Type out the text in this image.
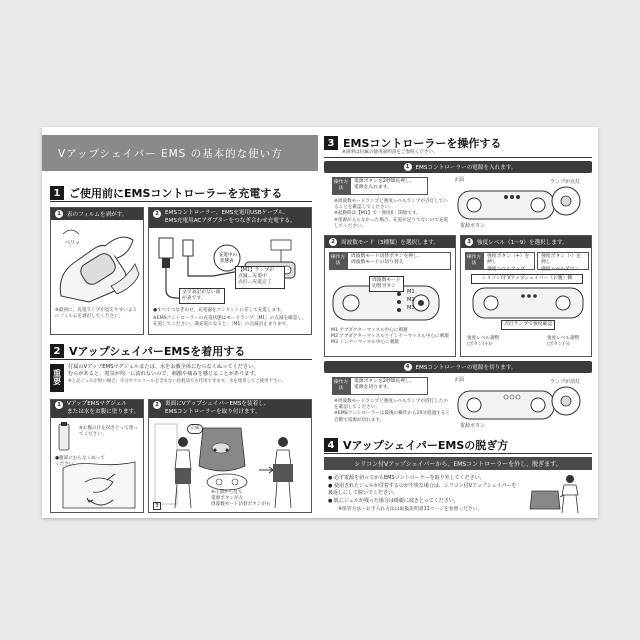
Vアップシェイパー EMS の基本的な使い方
1 ご使用前にEMSコントローラーを充電する
1	表のフィルムを剥がす。
ペリッ
※最初に、充電ランプが見えやすいようにフィルムを剥がしてください。
2	EMSコントローラー、EMS充電用USBケーブル、
EMS充電用ACアダプターをつなぎ合わせ充電する。
充電中の
状態表
【M1】ランプが
点滅…充電中
点灯…充電完了
文字表記がない面
が表です。
●すべてつなぎわせ、充電器をコンセントに差して充電します。
※EMSコントローラーの充電状態はモードランプ［M1］の点滅を確認し、充電してください。満充電になると、［M1］の点滅が止まります。
2 VアップシェイパーEMSを着用する
重
要
付属のVアップEMSマグジェルまたは、水をお腹全体にむらなくぬってください。
むらがあると、電気が均一に流れないので、刺激や痛みを感じることがあります。
※上記ジェルが無い場合、水分やアルコールを含まない化粧品でも代用できます。水を使用してご使用下さい。
1	VアップEMSマグジェル
または水をお腹に塗ります。
※お腹の汗を拭きとって塗ってください。
●腹部にむらなくぬってください。
2	裏面にVアップシェイパーEMSを装着し、
EMSコントローラーを取り付けます。
完成
※正面から見て
電源ボタンが左
周波数モード切替ボタンが右
3
3 EMSコントローラーを操作する
※説明は付属の使用説明書をご参照ください。
1	EMSコントローラーの電源を入れます。
操作方法
電源ボタンを2秒間長押し。
電源を入れます。
※周波数モードランプと強度レベルランプが点灯していることを確認してください。
※起動時は【M1】で「強度0」開始です。
※電源が入らなかった場合、充電が足りてないので充電してください。
正面	ランプが点灯
電源ボタン
2	周波数モード（3種類）を選択します。
操作方法
周波数モード切替ボタンを押し、
周波数モードの切り替え
周波数モード
切替ボタン
M1
M2
M3
M1 アブダクターマッスル中心に刺激
M2 アブダクターマッスルとインナーマッスル中心に刺激
M3 インナーマッスル中心に刺激
3	強度レベル（1～9）を選択します。
操作方法
強度ボタン（+）を押し
強度レベルアップ
強度ボタン（-）を押し
強度レベルダウン
シリコン付 Vアップシェイパー（お腹）側
点灯ランプで強度確認
強度レベル調整
(ボタン(+))
強度レベル調整
(ボタン(-))
4	EMSコントローラーの電源を切ります。
操作方法
電源ボタンを2秒間長押し。
電源を切ります。
※周波数モードランプと強度レベルランプが消灯したのを確認してください。
※EMSコントローラーは最後の操作から10分経過すると自動で電源が切れます。
正面	ランプが消灯
電源ボタン
4 VアップシェイパーEMSの脱ぎ方
シリコン付Vアップシェイパーから、EMSコントローラーを外し、脱ぎます。
● 必ず電源を切ってからEMSコントローラーを取り外してください。
● 使用されたジェルが付着するのが不快な場合は、シリコン付Vアップシェイパーを裏返しにして脱いでください。
● 肌にジェルが残った場合は綺麗に拭きとってください。
※保管方法・お手入れ方法は取扱説明書11ページを参照ください。
